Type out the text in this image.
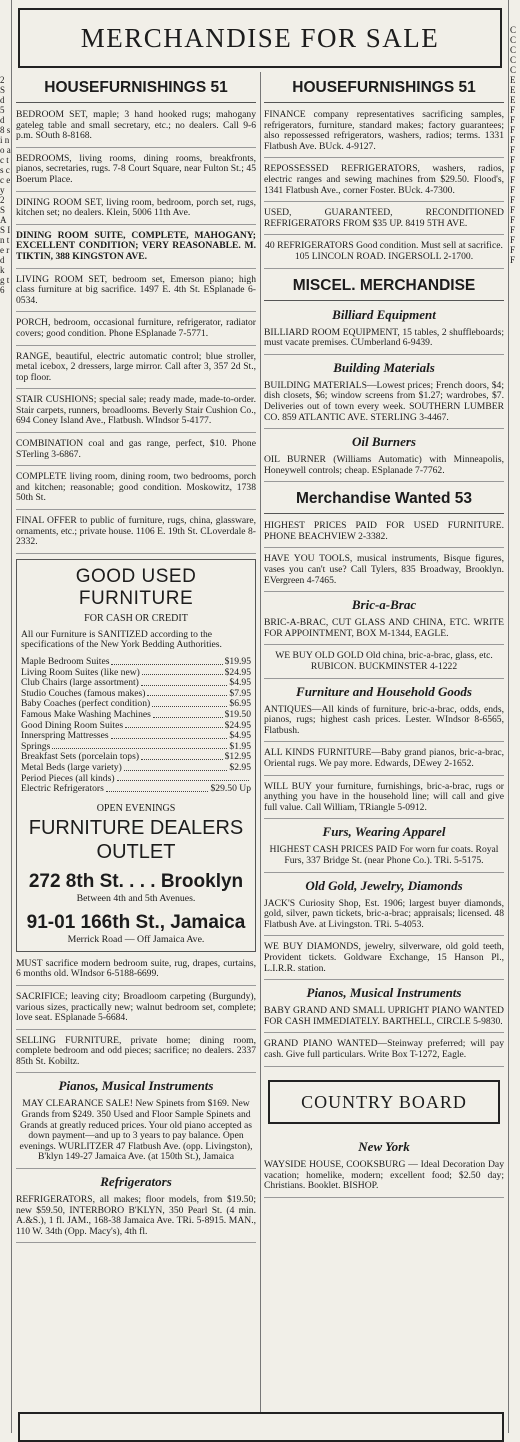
2 S d 5 d 8 s i n o a c t s c c e y 2 S A S I n t e r d k g t 6
C C C C C E E E F F F F F F F F F F F F F F F F
MERCHANDISE FOR SALE
HOUSEFURNISHINGS 51
BEDROOM SET, maple; 3 hand hooked rugs; mahogany gateleg table and small secretary, etc.; no dealers. Call 9-6 p.m. SOuth 8-8168.
BEDROOMS, living rooms, dining rooms, breakfronts, pianos, secretaries, rugs. 7-8 Court Square, near Fulton St.; 45 Boerum Place.
DINING ROOM SET, living room, bedroom, porch set, rugs, kitchen set; no dealers. Klein, 5006 11th Ave.
DINING ROOM SUITE, COMPLETE, MAHOGANY; EXCELLENT CONDITION; VERY REASONABLE. M. TIKTIN, 388 KINGSTON AVE.
LIVING ROOM SET, bedroom set, Emerson piano; high class furniture at big sacrifice. 1497 E. 4th St. ESplanade 6-0534.
PORCH, bedroom, occasional furniture, refrigerator, radiator covers; good condition. Phone ESplanade 7-5771.
RANGE, beautiful, electric automatic control; blue stroller, metal icebox, 2 dressers, large mirror. Call after 3, 357 2d St., top floor.
STAIR CUSHIONS; special sale; ready made, made-to-order. Stair carpets, runners, broadlooms. Beverly Stair Cushion Co., 694 Coney Island Ave., Flatbush. WIndsor 5-4177.
COMBINATION coal and gas range, perfect, $10. Phone STerling 3-6867.
COMPLETE living room, dining room, two bedrooms, porch and kitchen; reasonable; good condition. Moskowitz, 1738 50th St.
FINAL OFFER to public of furniture, rugs, china, glassware, ornaments, etc.; private house. 1106 E. 19th St. CLoverdale 8-2332.
GOOD USED FURNITURE
FOR CASH OR CREDIT
All our Furniture is SANITIZED according to the specifications of the New York Bedding Authorities.
Maple Bedroom Suites	$19.95
Living Room Suites (like new)	$24.95
Club Chairs (large assortment)	$4.95
Studio Couches (famous makes)	$7.95
Baby Coaches (perfect condition)	$6.95
Famous Make Washing Machines	$19.50
Good Dining Room Suites	$24.95
Innerspring Mattresses	$4.95
Springs	$1.95
Breakfast Sets (porcelain tops)	$12.95
Metal Beds (large variety)	$2.95
Period Pieces (all kinds)
Electric Refrigerators	$29.50 Up
OPEN EVENINGS
FURNITURE DEALERS
OUTLET
272 8th St. . . . Brooklyn
Between 4th and 5th Avenues.
91-01 166th St., Jamaica
Merrick Road — Off Jamaica Ave.
MUST sacrifice modern bedroom suite, rug, drapes, curtains, 6 months old. WIndsor 6-5188-6699.
SACRIFICE; leaving city; Broadloom carpeting (Burgundy), various sizes, practically new; walnut bedroom set, complete; love seat. ESplanade 5-6684.
SELLING FURNITURE, private home; dining room, complete bedroom and odd pieces; sacrifice; no dealers. 2337 85th St. Kobiltz.
Pianos, Musical Instruments
MAY CLEARANCE SALE! New Spinets from $169. New Grands from $249. 350 Used and Floor Sample Spinets and Grands at greatly reduced prices. Your old piano accepted as down payment—and up to 3 years to pay balance. Open evenings. WURLITZER 47 Flatbush Ave. (opp. Livingston), B'klyn 149-27 Jamaica Ave. (at 150th St.), Jamaica
Refrigerators
REFRIGERATORS, all makes; floor models, from $19.50; new $59.50, INTERBORO B'KLYN, 350 Pearl St. (4 min. A.&S.), 1 fl. JAM., 168-38 Jamaica Ave. TRi. 5-8915. MAN., 110 W. 34th (Opp. Macy's), 4th fl.
HOUSEFURNISHINGS 51
FINANCE company representatives sacrificing samples, refrigerators, furniture, standard makes; factory guarantees; also repossessed refrigerators, washers, radios; terms. 1331 Flatbush Ave. BUck. 4-9127.
REPOSSESSED REFRIGERATORS, washers, radios, electric ranges and sewing machines from $29.50. Flood's, 1341 Flatbush Ave., corner Foster. BUck. 4-7300.
USED, GUARANTEED, RECONDITIONED REFRIGERATORS FROM $35 UP. 8419 5TH AVE.
40 REFRIGERATORS Good condition. Must sell at sacrifice. 105 LINCOLN ROAD. INGERSOLL 2-1700.
MISCEL. MERCHANDISE
Billiard Equipment
BILLIARD ROOM EQUIPMENT, 15 tables, 2 shuffleboards; must vacate premises. CUmberland 6-9439.
Building Materials
BUILDING MATERIALS—Lowest prices; French doors, $4; dish closets, $6; window screens from $1.27; wardrobes, $7. Deliveries out of town every week. SOUTHERN LUMBER CO. 859 ATLANTIC AVE. STERLING 3-4467.
Oil Burners
OIL BURNER (Williams Automatic) with Minneapolis, Honeywell controls; cheap. ESplanade 7-7762.
Merchandise Wanted 53
HIGHEST PRICES PAID FOR USED FURNITURE. PHONE BEACHVIEW 2-3382.
HAVE YOU TOOLS, musical instruments, Bisque figures, vases you can't use? Call Tylers, 835 Broadway, Brooklyn. EVergreen 4-7465.
Bric-a-Brac
BRIC-A-BRAC, CUT GLASS AND CHINA, ETC. WRITE FOR APPOINTMENT, BOX M-1344, EAGLE.
WE BUY OLD GOLD Old china, bric-a-brac, glass, etc. RUBICON. BUCKMINSTER 4-1222
Furniture and Household Goods
ANTIQUES—All kinds of furniture, bric-a-brac, odds, ends, pianos, rugs; highest cash prices. Lester. WIndsor 8-6565, Flatbush.
ALL KINDS FURNITURE—Baby grand pianos, bric-a-brac, Oriental rugs. We pay more. Edwards, DEwey 2-1652.
WILL BUY your furniture, furnishings, bric-a-brac, rugs or anything you have in the household line; will call and give full value. Call William, TRiangle 5-0912.
Furs, Wearing Apparel
HIGHEST CASH PRICES PAID For worn fur coats. Royal Furs, 337 Bridge St. (near Phone Co.). TRi. 5-5175.
Old Gold, Jewelry, Diamonds
JACK'S Curiosity Shop, Est. 1906; largest buyer diamonds, gold, silver, pawn tickets, bric-a-brac; appraisals; licensed. 48 Flatbush Ave. at Livingston. TRi. 5-4053.
WE BUY DIAMONDS, jewelry, silverware, old gold teeth, Provident tickets. Goldware Exchange, 15 Hanson Pl., L.I.R.R. station.
Pianos, Musical Instruments
BABY GRAND AND SMALL UPRIGHT PIANO WANTED FOR CASH IMMEDIATELY. BARTHELL, CIRCLE 5-9830.
GRAND PIANO WANTED—Steinway preferred; will pay cash. Give full particulars. Write Box T-1272, Eagle.
COUNTRY BOARD
New York
WAYSIDE HOUSE, COOKSBURG — Ideal Decoration Day vacation; homelike, modern; excellent food; $2.50 day; Christians. Booklet. BISHOP.
